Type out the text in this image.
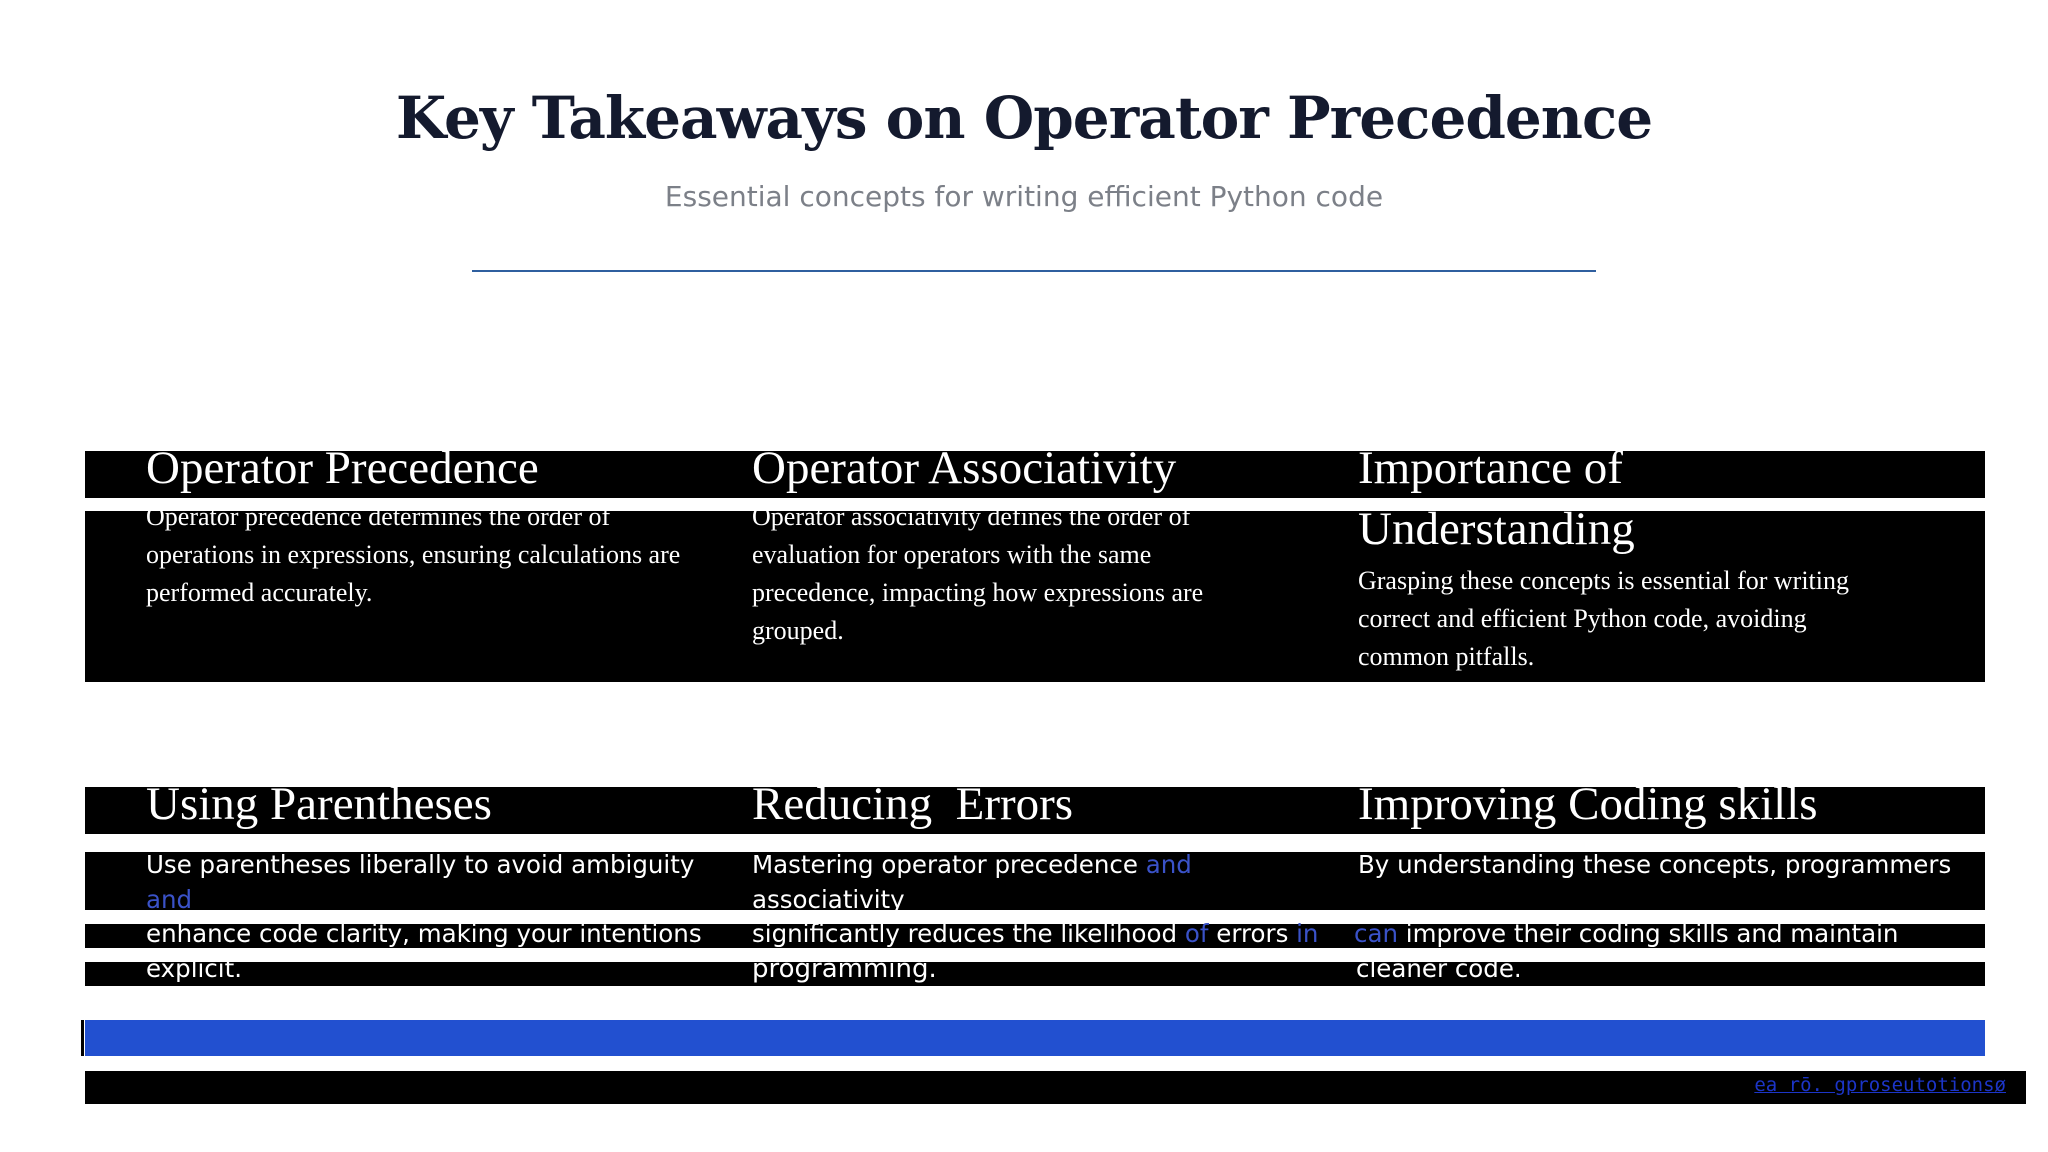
Key Takeaways on Operator Precedence
Essential concepts for writing efficient Python code
Operator Precedence
Operator precedence determines the order of operations in expressions, ensuring calculations are performed accurately.
Operator Associativity
Operator associativity defines the order of evaluation for operators with the same precedence, impacting how expressions are grouped.
Importance of
Understanding
Grasping these concepts is essential for writing correct and efficient Python code, avoiding common pitfalls.
Using Parentheses
Use parentheses liberally to avoid ambiguity
and
enhance code clarity, making your intentions
explicit.
Reducing  Errors
Mastering operator precedence and
associativity
significantly reduces the likelihood of errors in
programming.
Improving Coding skills
By understanding these concepts, programmers
can improve their coding skills and maintain
cleaner code.
ea rō. gproseutotionsø
